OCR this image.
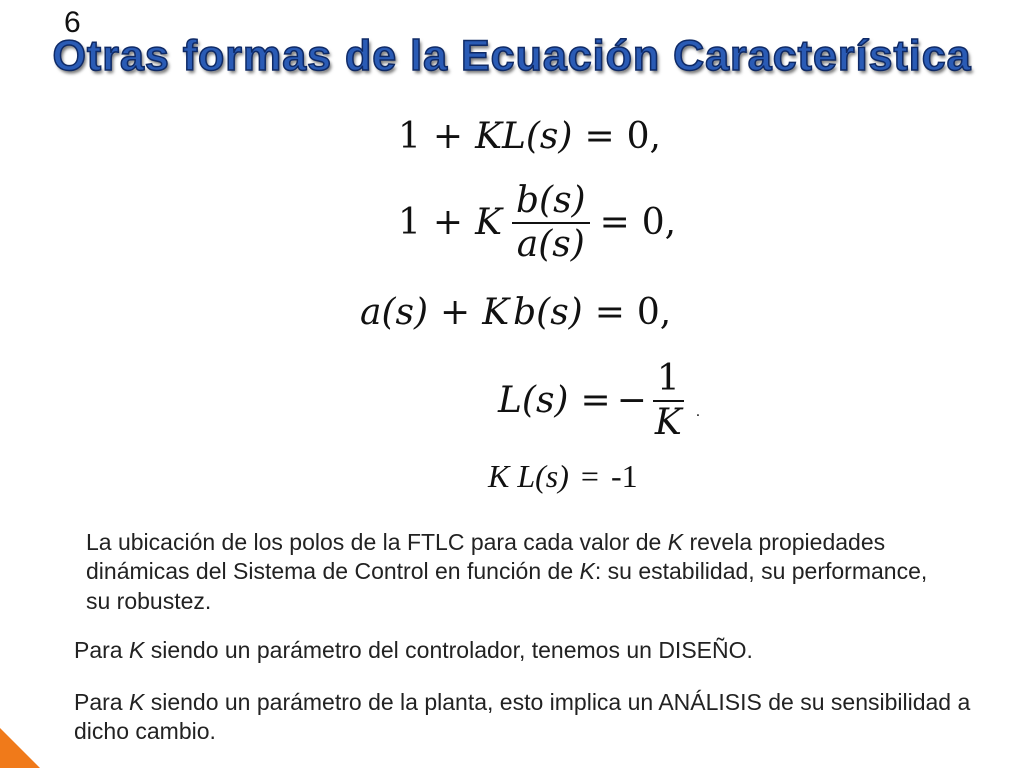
6
Otras formas de la Ecuación Característica
1 + K L (s) = 0,
1 + K $\frac{b(s)}{a(s)} = 0$,
a(s) + K b(s) = 0,
L (s) = − $\frac{1}{K}$ .
K L(s) = -1
La ubicación de los polos de la FTLC para cada valor de K revela propiedades dinámicas del Sistema de Control en función de K: su estabilidad, su performance, su robustez.
Para K siendo un parámetro del controlador, tenemos un DISEÑO.
Para K siendo un parámetro de la planta, esto implica un ANÁLISIS de su sensibilidad a dicho cambio.
